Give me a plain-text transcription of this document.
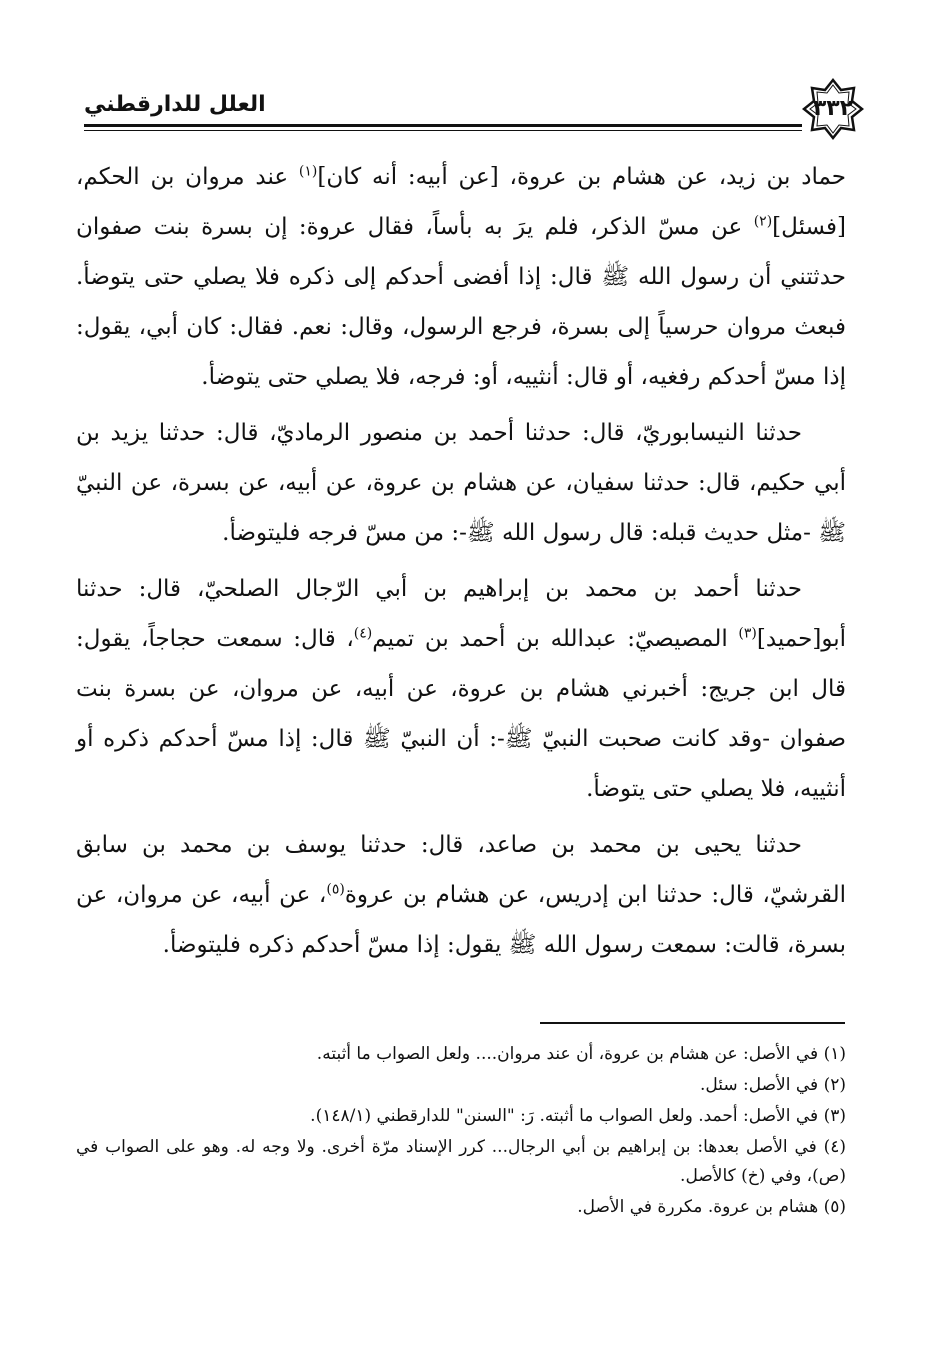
٣٣٢
العلل للدارقطني

حماد بن زيد، عن هشام بن عروة، [عن أبيه: أنه كان]$^{(١)}$ عند مروان بن الحكم، [فسئل]$^{(٢)}$ عن مسّ الذكر، فلم يرَ به بأساً، فقال عروة: إن بسرة بنت صفوان حدثتني أن رسول الله ﷺ قال: إذا أفضى أحدكم إلى ذكره فلا يصلي حتى يتوضأ. فبعث مروان حرسياً إلى بسرة، فرجع الرسول، وقال: نعم. فقال: كان أبي، يقول: إذا مسّ أحدكم رفغيه، أو قال: أنثييه، أو: فرجه، فلا يصلي حتى يتوضأ.

حدثنا النيسابوريّ، قال: حدثنا أحمد بن منصور الرماديّ، قال: حدثنا يزيد بن أبي حكيم، قال: حدثنا سفيان، عن هشام بن عروة، عن أبيه، عن بسرة، عن النبيّ ﷺ -مثل حديث قبله: قال رسول الله ﷺ-: من مسّ فرجه فليتوضأ.

حدثنا أحمد بن محمد بن إبراهيم بن أبي الرّجال الصلحيّ، قال: حدثنا أبو[حميد]$^{(٣)}$ المصيصيّ: عبدالله بن أحمد بن تميم$^{(٤)}$، قال: سمعت حجاجاً، يقول: قال ابن جريج: أخبرني هشام بن عروة، عن أبيه، عن مروان، عن بسرة بنت صفوان -وقد كانت صحبت النبيّ ﷺ-: أن النبيّ ﷺ قال: إذا مسّ أحدكم ذكره أو أنثييه، فلا يصلي حتى يتوضأ.

حدثنا يحيى بن محمد بن صاعد، قال: حدثنا يوسف بن محمد بن سابق القرشيّ، قال: حدثنا ابن إدريس، عن هشام بن عروة$^{(٥)}$، عن أبيه، عن مروان، عن بسرة، قالت: سمعت رسول الله ﷺ يقول: إذا مسّ أحدكم ذكره فليتوضأ.

(١) في الأصل: عن هشام بن عروة، أن عند مروان.... ولعل الصواب ما أثبته.
(٢) في الأصل: سئل.
(٣) في الأصل: أحمد. ولعل الصواب ما أثبته. رَ: "السنن" للدارقطني (١٤٨/١).
(٤) في الأصل بعدها: بن إبراهيم بن أبي الرجال... كرر الإسناد مرّة أخرى. ولا وجه له. وهو على الصواب في (ص)، وفي (خ) كالأصل.
(٥) هشام بن عروة. مكررة في الأصل.
